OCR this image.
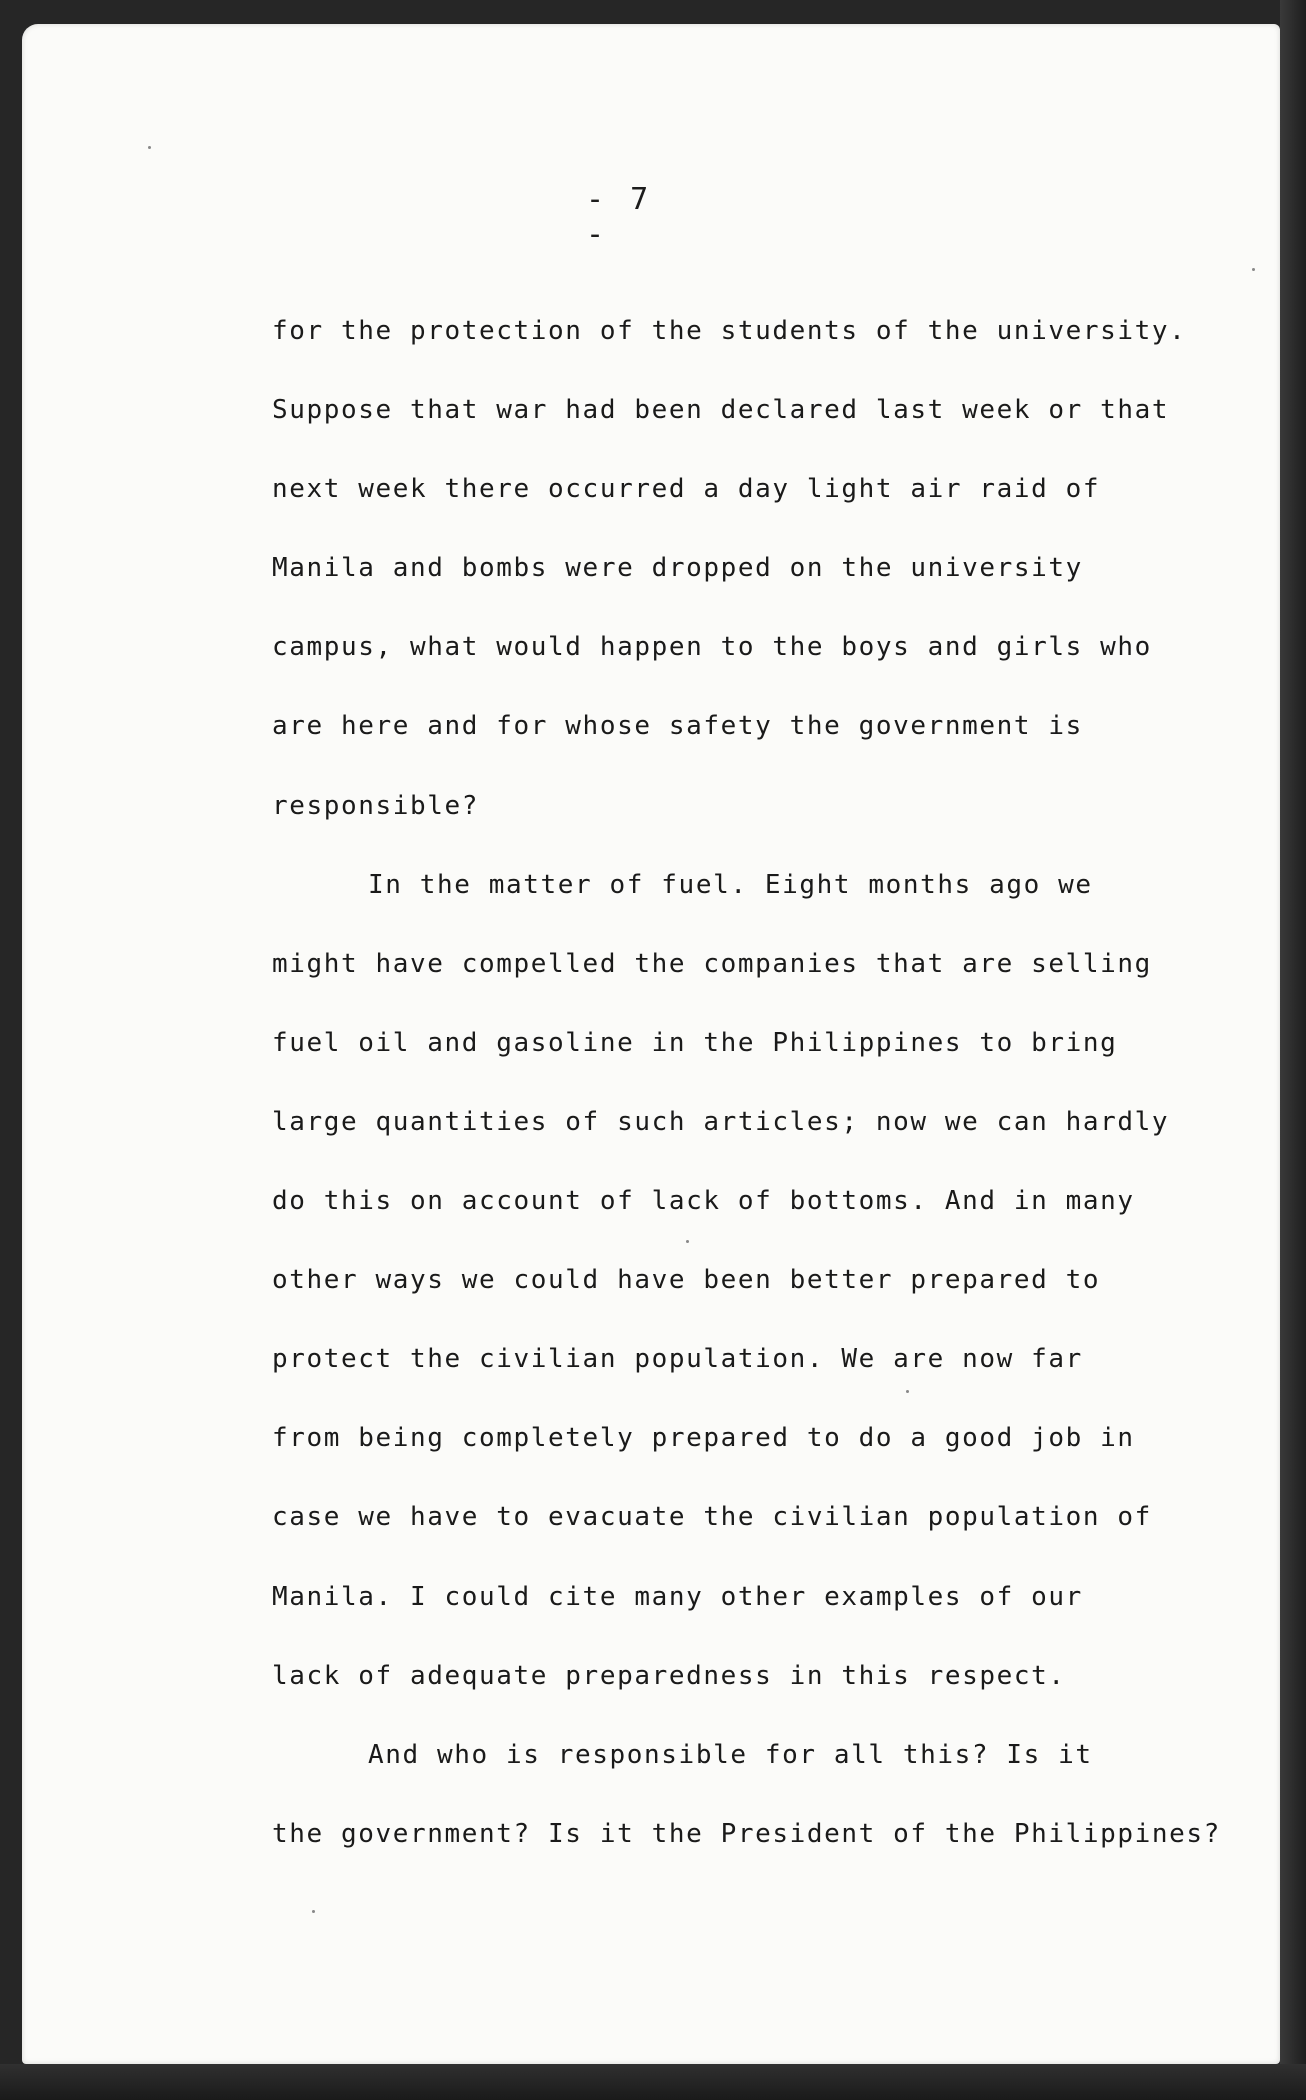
- 7 -
for the protection of the students of the university.
Suppose that war had been declared last week or that
next week there occurred a day light air raid of
Manila and bombs were dropped on the university
campus, what would happen to the boys and girls who
are here and for whose safety the government is
responsible?
In the matter of fuel. Eight months ago we
might have compelled the companies that are selling
fuel oil and gasoline in the Philippines to bring
large quantities of such articles; now we can hardly
do this on account of lack of bottoms. And in many
other ways we could have been better prepared to
protect the civilian population. We are now far
from being completely prepared to do a good job in
case we have to evacuate the civilian population of
Manila. I could cite many other examples of our
lack of adequate preparedness in this respect.
And who is responsible for all this? Is it
the government? Is it the President of the Philippines?
